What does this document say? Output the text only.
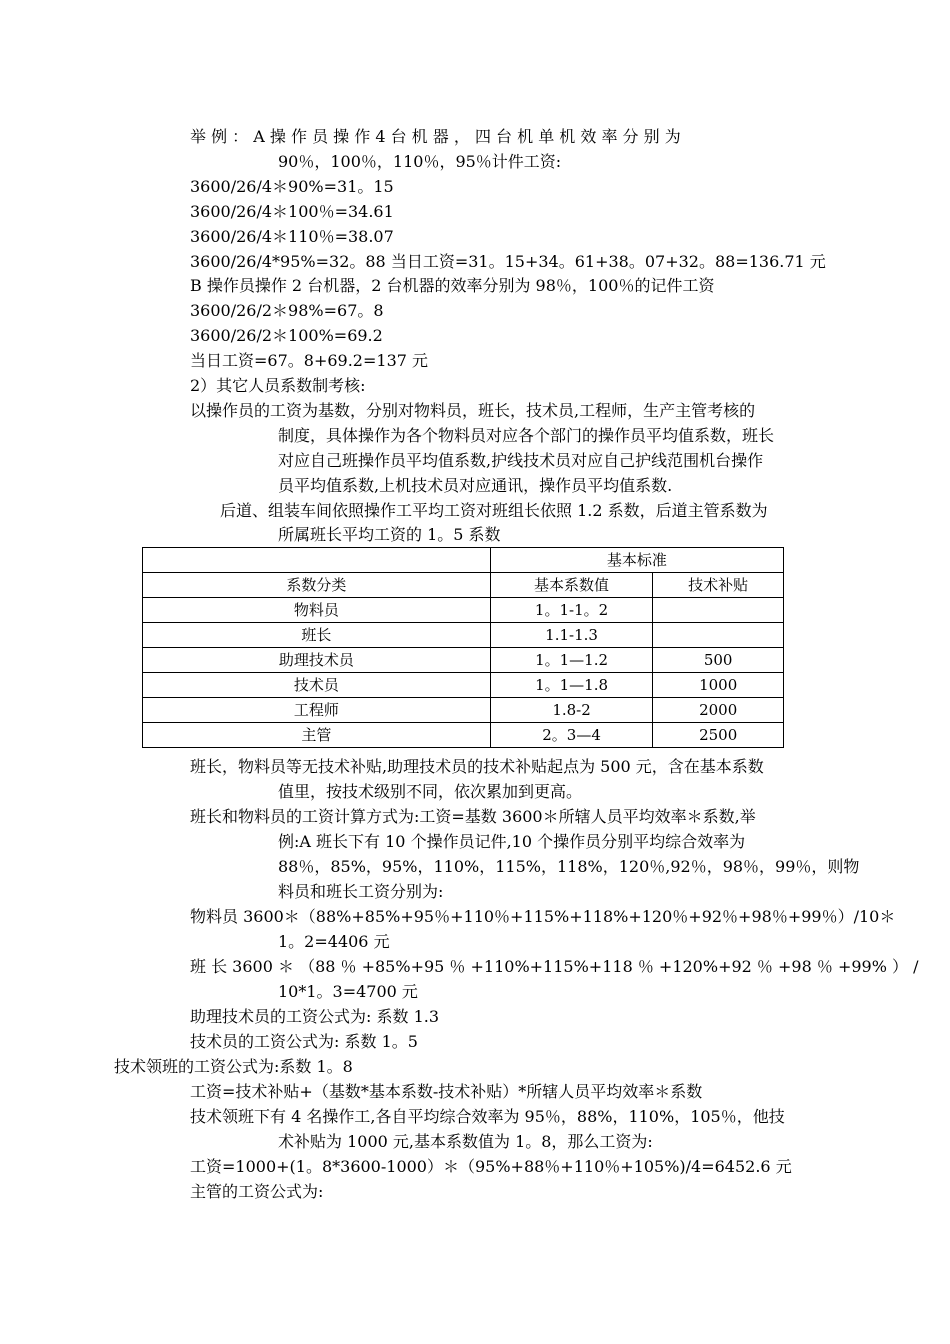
举 例 ： A 操 作 员 操 作 4 台 机 器 ， 四 台 机 单 机 效 率 分 别 为
90％，100％，110％，95％计件工资:
3600/26/4＊90%=31。15
3600/26/4＊100％=34.61
3600/26/4＊110％=38.07
3600/26/4*95%=32。88 当日工资=31。15+34。61+38。07+32。88=136.71 元
B 操作员操作 2 台机器，2 台机器的效率分别为 98％，100％的记件工资
3600/26/2＊98%=67。8
3600/26/2＊100%=69.2
当日工资=67。8+69.2=137 元
2）其它人员系数制考核:
以操作员的工资为基数，分别对物料员，班长，技术员,工程师，生产主管考核的
制度，具体操作为各个物料员对应各个部门的操作员平均值系数，班长
对应自己班操作员平均值系数,护线技术员对应自己护线范围机台操作
员平均值系数,上机技术员对应通讯，操作员平均值系数.
后道、组装车间依照操作工平均工资对班组长依照 1.2 系数，后道主管系数为
所属班长平均工资的 1。5 系数
	基本标准	
系数分类	基本系数值	技术补贴
物料员	1。1-1。2	
班长	1.1-1.3	
助理技术员	1。1—1.2	500
技术员	1。1—1.8	1000
工程师	1.8-2	2000
主管	2。3—4	2500
班长，物料员等无技术补贴,助理技术员的技术补贴起点为 500 元，含在基本系数
值里，按技术级别不同，依次累加到更高。
班长和物料员的工资计算方式为:工资=基数 3600＊所辖人员平均效率＊系数,举
例:A 班长下有 10 个操作员记件,10 个操作员分别平均综合效率为
88％，85%，95%，110%，115%，118%，120％,92％，98％，99％，则物
料员和班长工资分别为:
物料员 3600＊（88%+85%+95％+110％+115%+118%+120％+92％+98％+99％）/10＊
1。2=4406 元
班 长 3600 ＊ （88 ％ +85%+95 ％ +110%+115%+118 ％ +120%+92 ％ +98 ％ +99% ） /
10*1。3=4700 元
助理技术员的工资公式为: 系数 1.3
技术员的工资公式为: 系数 1。5
技术领班的工资公式为:系数 1。8
工资=技术补贴+（基数*基本系数-技术补贴）*所辖人员平均效率＊系数
技术领班下有 4 名操作工,各自平均综合效率为 95％，88%，110%，105％，他技
术补贴为 1000 元,基本系数值为 1。8，那么工资为:
工资=1000+(1。8*3600-1000）＊（95%+88％+110％+105%)/4=6452.6 元
主管的工资公式为:
